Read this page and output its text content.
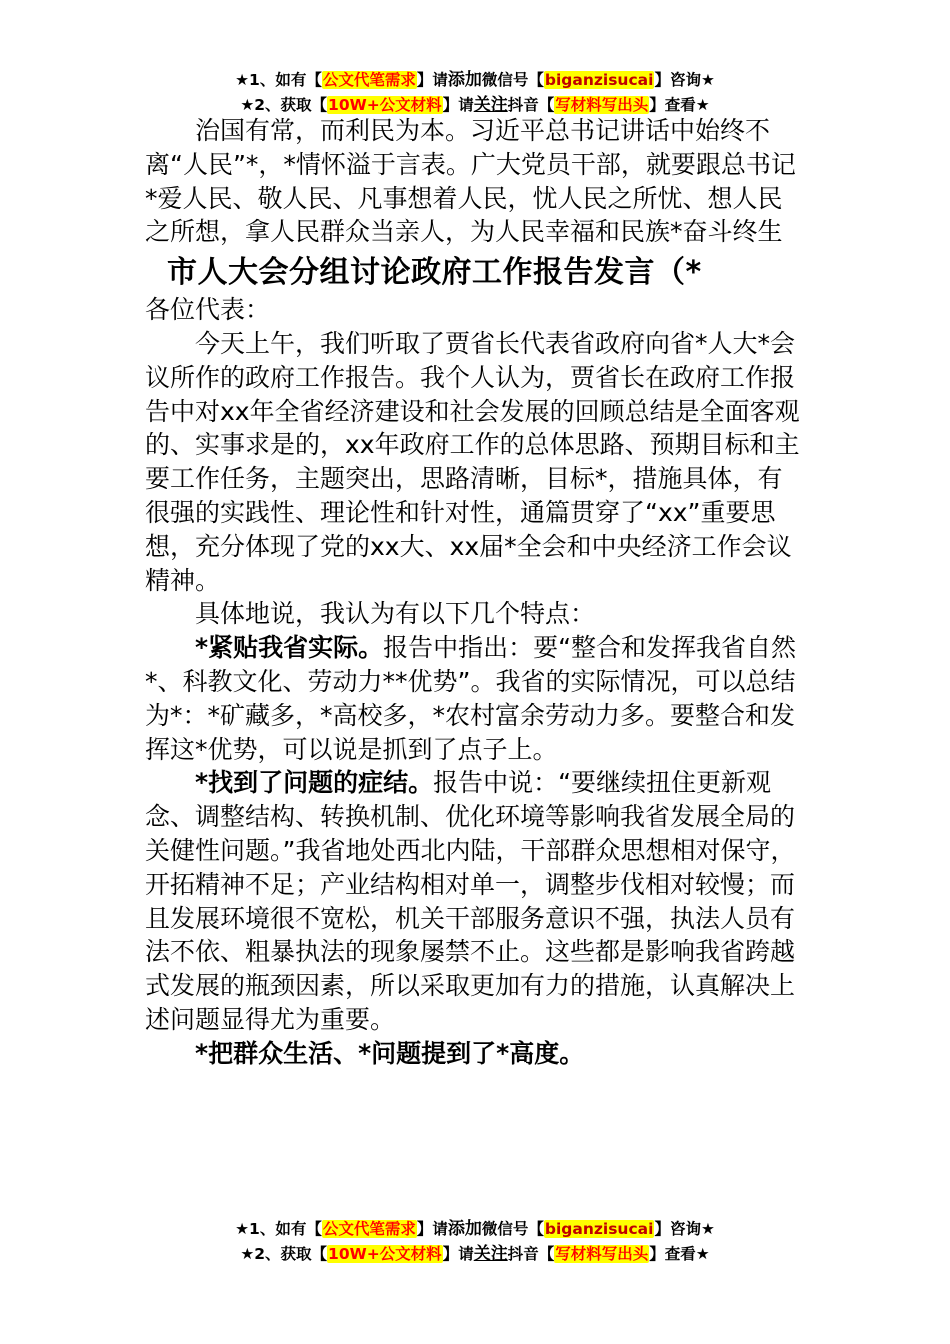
★1、如有【公文代笔需求】请添加微信号【biganzisucai】咨询★
★2、获取【10W+公文材料】请关注抖音【写材料写出头】查看★

治国有常，而利民为本。习近平总书记讲话中始终不离“人民”*，*情怀溢于言表。广大党员干部，就要跟总书记*爱人民、敬人民、凡事想着人民，忧人民之所忧、想人民之所想，拿人民群众当亲人，为人民幸福和民族*奋斗终生

市人大会分组讨论政府工作报告发言（*

各位代表：

今天上午，我们听取了贾省长代表省政府向省*人大*会议所作的政府工作报告。我个人认为，贾省长在政府工作报告中对xx年全省经济建设和社会发展的回顾总结是全面客观的、实事求是的，xx年政府工作的总体思路、预期目标和主要工作任务，主题突出，思路清晰，目标*，措施具体，有很强的实践性、理论性和针对性，通篇贯穿了“xx”重要思想，充分体现了党的xx大、xx届*全会和中央经济工作会议精神。

具体地说，我认为有以下几个特点：

*紧贴我省实际。报告中指出：要“整合和发挥我省自然*、科教文化、劳动力**优势”。我省的实际情况，可以总结为*：*矿藏多，*高校多，*农村富余劳动力多。要整合和发挥这*优势，可以说是抓到了点子上。

*找到了问题的症结。报告中说：“要继续扭住更新观念、调整结构、转换机制、优化环境等影响我省发展全局的关健性问题。”我省地处西北内陆，干部群众思想相对保守，开拓精神不足；产业结构相对单一，调整步伐相对较慢；而且发展环境很不宽松，机关干部服务意识不强，执法人员有法不依、粗暴执法的现象屡禁不止。这些都是影响我省跨越式发展的瓶颈因素，所以采取更加有力的措施，认真解决上述问题显得尤为重要。

*把群众生活、*问题提到了*高度。

★1、如有【公文代笔需求】请添加微信号【biganzisucai】咨询★
★2、获取【10W+公文材料】请关注抖音【写材料写出头】查看★
